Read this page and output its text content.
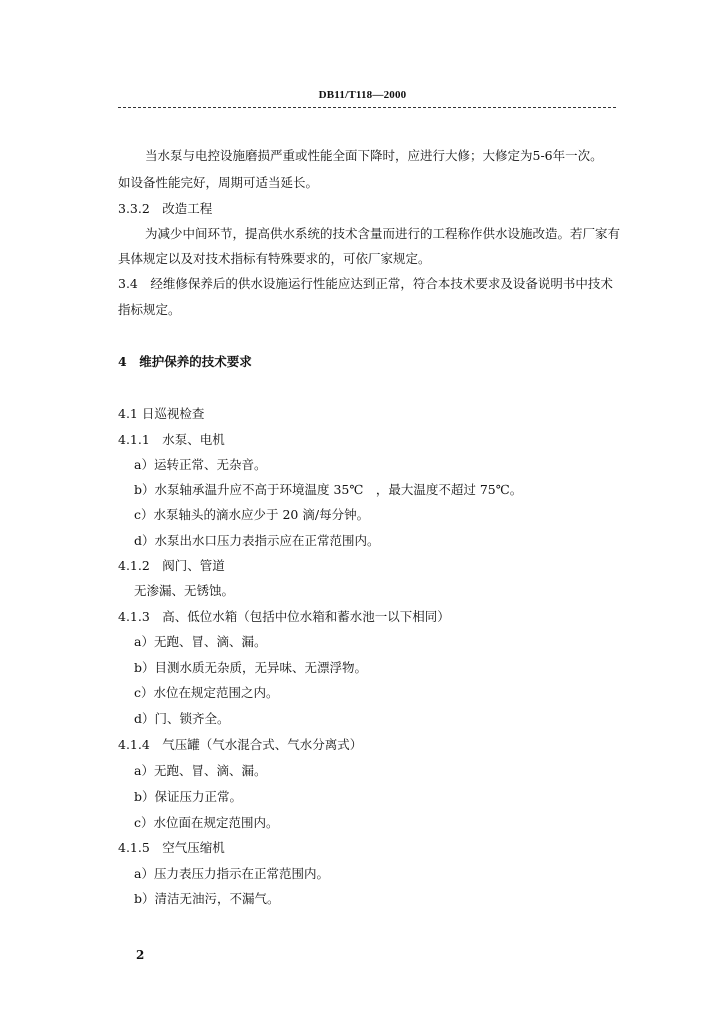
DB11/T118—2000
当水泵与电控设施磨损严重或性能全面下降时，应进行大修；大修定为5-6年一次。
如设备性能完好，周期可适当延长。
3.3.2　改造工程
为减少中间环节，提高供水系统的技术含量而进行的工程称作供水设施改造。若厂家有
具体规定以及对技术指标有特殊要求的，可依厂家规定。
3.4　经维修保养后的供水设施运行性能应达到正常，符合本技术要求及设备说明书中技术
指标规定。
4　维护保养的技术要求
4.1 日巡视检查
4.1.1　水泵、电机
a）运转正常、无杂音。
b）水泵轴承温升应不高于环境温度 35℃　，最大温度不超过 75℃。
c）水泵轴头的滴水应少于 20 滴/每分钟。
d）水泵出水口压力表指示应在正常范围内。
4.1.2　阀门、管道
无渗漏、无锈蚀。
4.1.3　高、低位水箱（包括中位水箱和蓄水池一以下相同）
a）无跑、冒、滴、漏。
b）目测水质无杂质，无异味、无漂浮物。
c）水位在规定范围之内。
d）门、锁齐全。
4.1.4　气压罐（气水混合式、气水分离式）
a）无跑、冒、滴、漏。
b）保证压力正常。
c）水位面在规定范围内。
4.1.5　空气压缩机
a）压力表压力指示在正常范围内。
b）清洁无油污，不漏气。
2
